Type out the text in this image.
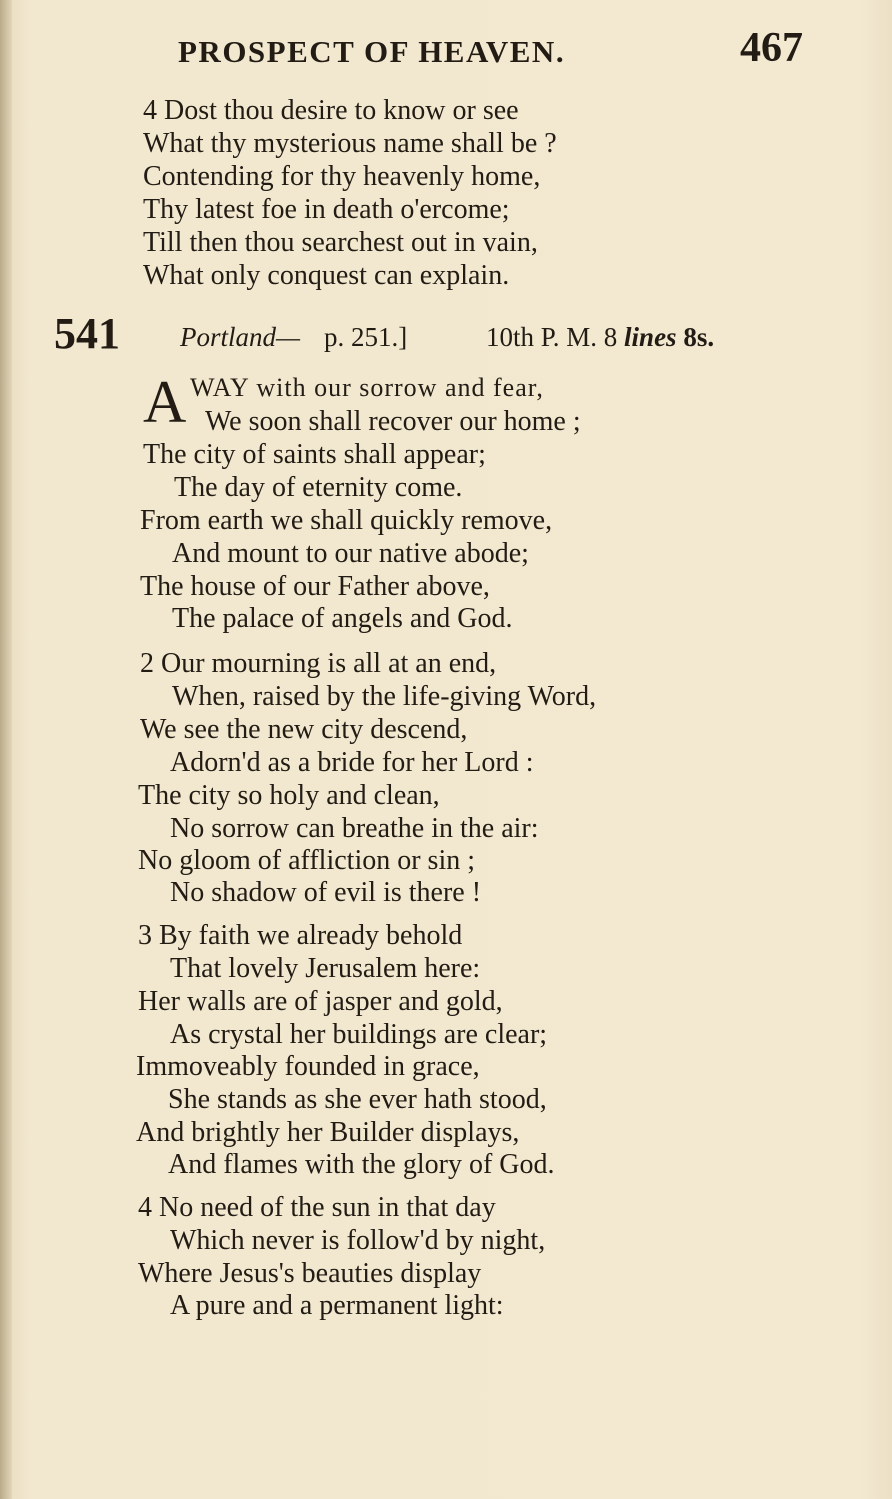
PROSPECT OF HEAVEN.	467
4 Dost thou desire to know or see
What thy mysterious name shall be ?
Contending for thy heavenly home,
Thy latest foe in death o'ercome;
Till then thou searchest out in vain,
What only conquest can explain.
541 Portland— p. 251.]	10th P. M. 8 lines 8s.
A WAY with our sorrow and fear,
We soon shall recover our home ;
The city of saints shall appear;
The day of eternity come.
From earth we shall quickly remove,
And mount to our native abode;
The house of our Father above,
The palace of angels and God.
2 Our mourning is all at an end,
When, raised by the life-giving Word,
We see the new city descend,
Adorn'd as a bride for her Lord :
The city so holy and clean,
No sorrow can breathe in the air:
No gloom of affliction or sin ;
No shadow of evil is there !
3 By faith we already behold
That lovely Jerusalem here:
Her walls are of jasper and gold,
As crystal her buildings are clear;
Immoveably founded in grace,
She stands as she ever hath stood,
And brightly her Builder displays,
And flames with the glory of God.
4 No need of the sun in that day
Which never is follow'd by night,
Where Jesus's beauties display
A pure and a permanent light:
